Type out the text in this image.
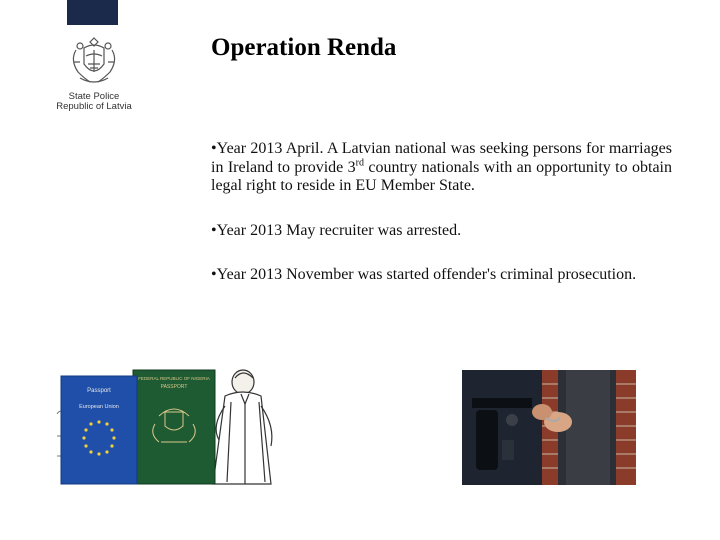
State Police
Republic of Latvia
Operation Renda

•Year 2013 April. A Latvian national was seeking persons for marriages in Ireland to provide 3rd country nationals with an opportunity to obtain legal right to reside in EU Member State.

•Year 2013 May recruiter was arrested.

•Year 2013 November was started offender's criminal prosecution.

FEDERAL REPUBLIC OF NIGERIA
PASSPORT
Passport
European Union
